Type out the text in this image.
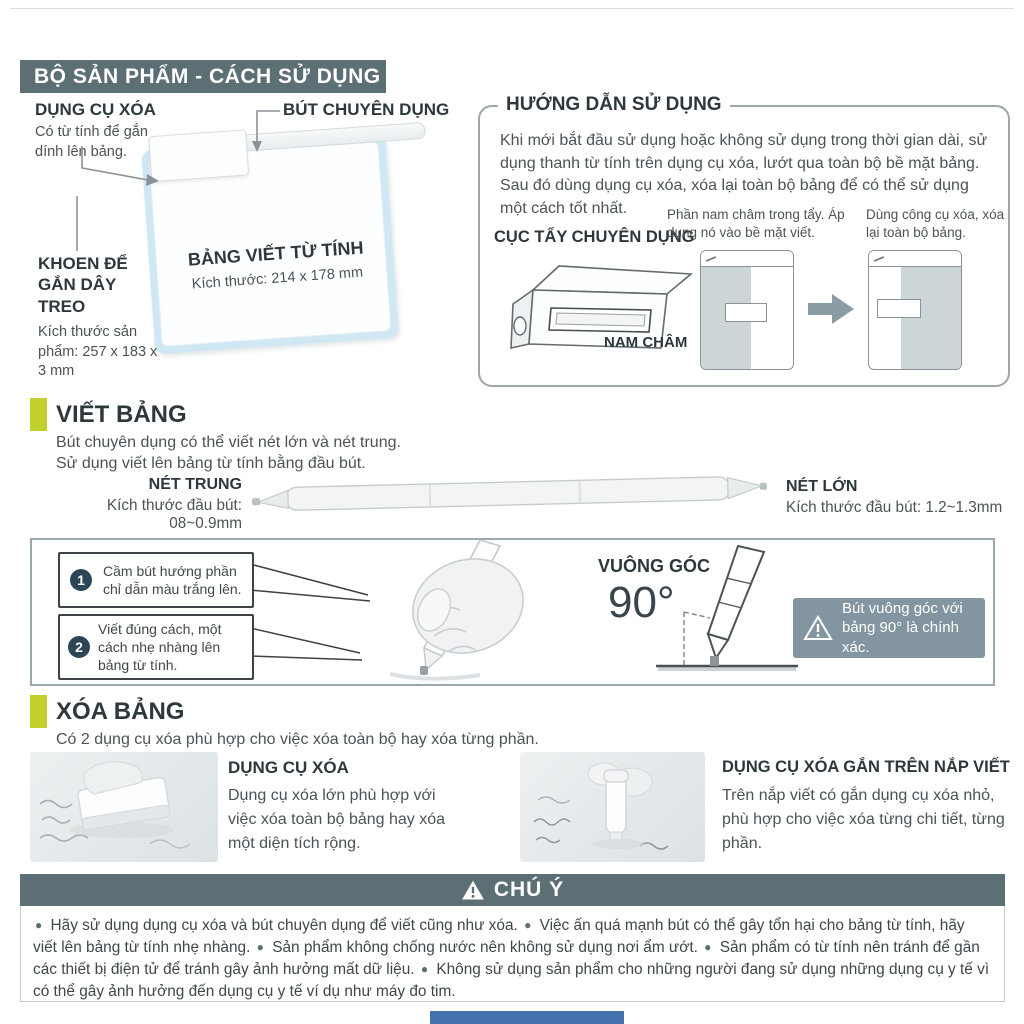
BỘ SẢN PHẨM - CÁCH SỬ DỤNG
DỤNG CỤ XÓA
Có từ tính để gắn dính lên bảng.
BÚT CHUYÊN DỤNG
BẢNG VIẾT TỪ TÍNH
Kích thước: 214 x 178 mm
KHOEN ĐỂ GẮN DÂY TREO
Kích thước sản phẩm: 257 x 183 x 3 mm
HƯỚNG DẪN SỬ DỤNG
Khi mới bắt đầu sử dụng hoặc không sử dụng trong thời gian dài, sử dụng thanh từ tính trên dụng cụ xóa, lướt qua toàn bộ bề mặt bảng. Sau đó dùng dụng cụ xóa, xóa lại toàn bộ bảng để có thể sử dụng một cách tốt nhất.
CỤC TẨY CHUYÊN DỤNG
NAM CHÂM
Phần nam châm trong tẩy. Áp dụng nó vào bề mặt viết.
Dùng công cụ xóa, xóa lại toàn bộ bảng.
VIẾT BẢNG
Bút chuyên dụng có thể viết nét lớn và nét trung.
Sử dụng viết lên bảng từ tính bằng đầu bút.
NÉT TRUNG
Kích thước đầu bút: 08~0.9mm
NÉT LỚN
Kích thước đầu bút: 1.2~1.3mm
1
Cầm bút hướng phần chỉ dẫn màu trắng lên.
2
Viết đúng cách, một cách nhẹ nhàng lên bảng từ tính.
VUÔNG GÓC
90°	Bút vuông góc với bảng 90° là chính xác.
XÓA BẢNG
Có 2 dụng cụ xóa phù hợp cho việc xóa toàn bộ hay xóa từng phần.
DỤNG CỤ XÓA
Dụng cụ xóa lớn phù hợp với việc xóa toàn bộ bảng hay xóa một diện tích rộng.
DỤNG CỤ XÓA GẮN TRÊN NẮP VIẾT
Trên nắp viết có gắn dụng cụ xóa nhỏ, phù hợp cho việc xóa từng chi tiết, từng phần.
CHÚ Ý
● Hãy sử dụng dụng cụ xóa và bút chuyên dụng để viết cũng như xóa. ● Việc ấn quá mạnh bút có thể gây tổn hại cho bảng từ tính, hãy viết lên bảng từ tính nhẹ nhàng. ● Sản phẩm không chống nước nên không sử dụng nơi ẩm ướt. ● Sản phẩm có từ tính nên tránh để gần các thiết bị điện tử để tránh gây ảnh hưởng mất dữ liệu. ● Không sử dụng sản phẩm cho những người đang sử dụng những dụng cụ y tế vì có thể gây ảnh hưởng đến dụng cụ y tế ví dụ như máy đo tim.
